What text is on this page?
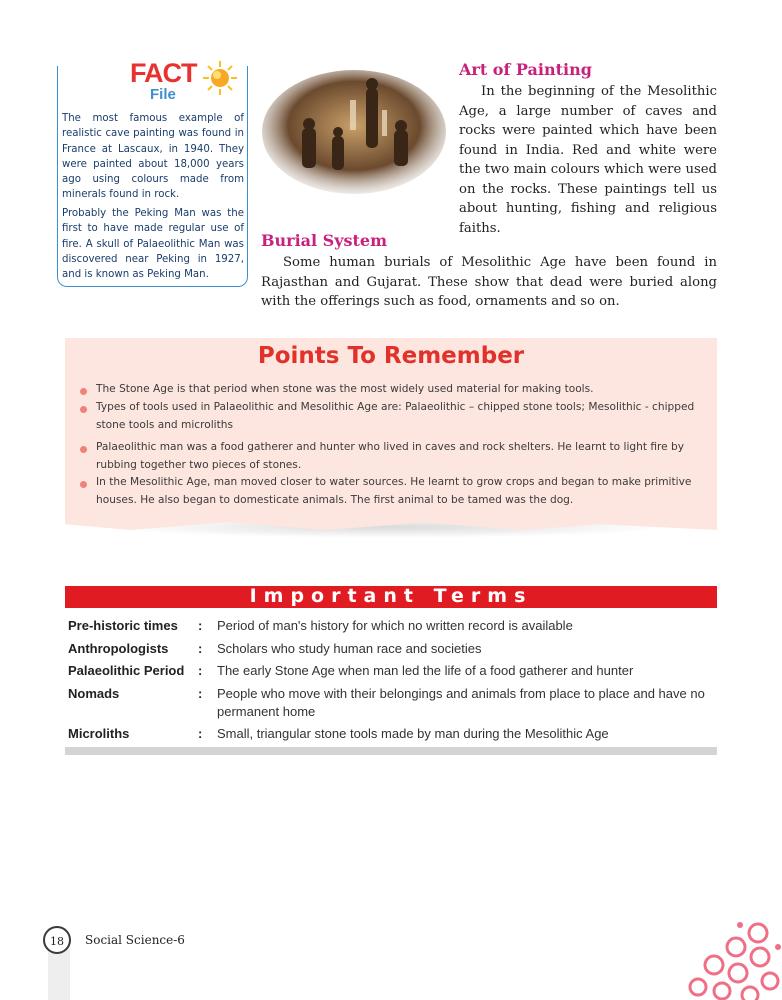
FACT
File
The most famous example of realistic cave painting was found in France at Lascaux, in 1940. They were painted about 18,000 years ago using colours made from minerals found in rock.
Probably the Peking Man was the first to have made regular use of fire. A skull of Palaeolithic Man was discovered near Peking in 1927, and is known as Peking Man.
Art of Painting
In the beginning of the Mesolithic Age, a large number of caves and rocks were painted which have been found in India. Red and white were the two main colours which were used on the rocks. These paintings tell us about hunting, fishing and religious faiths.
Burial System
Some human burials of Mesolithic Age have been found in Rajasthan and Gujarat. These show that dead were buried along with the offerings such as food, ornaments and so on.
Points To Remember
The Stone Age is that period when stone was the most widely used material for making tools.
Types of tools used in Palaeolithic and Mesolithic Age are: Palaeolithic – chipped stone tools; Mesolithic - chipped stone tools and microliths
Palaeolithic man was a food gatherer and hunter who lived in caves and rock shelters. He learnt to light fire by rubbing together two pieces of stones.
In the Mesolithic Age, man moved closer to water sources. He learnt to grow crops and began to make primitive houses. He also began to domesticate animals. The first animal to be tamed was the dog.
Important Terms
Pre-historic times : Period of man's history for which no written record is available
Anthropologists : Scholars who study human race and societies
Palaeolithic Period : The early Stone Age when man led the life of a food gatherer and hunter
Nomads	: People who move with their belongings and animals from place to place and have no permanent home
Microliths	: Small, triangular stone tools made by man during the Mesolithic Age
18	Social Science-6
